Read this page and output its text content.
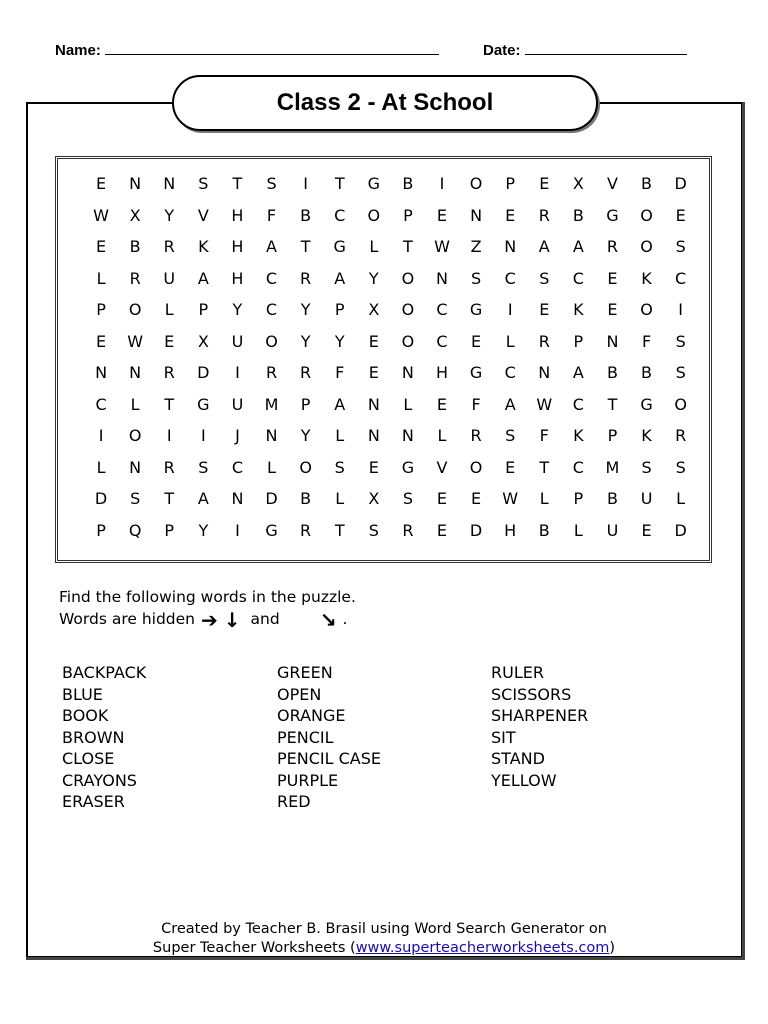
Name:	Date:
Class 2 - At School
E	N	N	S	T	S	I	T	G	B	I	O	P	E	X	V	B	D
W	X	Y	V	H	F	B	C	O	P	E	N	E	R	B	G	O	E
E	B	R	K	H	A	T	G	L	T	W	Z	N	A	A	R	O	S
L	R	U	A	H	C	R	A	Y	O	N	S	C	S	C	E	K	C
P	O	L	P	Y	C	Y	P	X	O	C	G	I	E	K	E	O	I
E	W	E	X	U	O	Y	Y	E	O	C	E	L	R	P	N	F	S
N	N	R	D	I	R	R	F	E	N	H	G	C	N	A	B	B	S
C	L	T	G	U	M	P	A	N	L	E	F	A	W	C	T	G	O
I	O	I	I	J	N	Y	L	N	N	L	R	S	F	K	P	K	R
L	N	R	S	C	L	O	S	E	G	V	O	E	T	C	M	S	S
D	S	T	A	N	D	B	L	X	S	E	E	W	L	P	B	U	L
P	Q	P	Y	I	G	R	T	S	R	E	D	H	B	L	U	E	D
Find the following words in the puzzle.
Words are hidden ➔ ↓ and ↘ .
BACKPACK
BLUE
BOOK
BROWN
CLOSE
CRAYONS
ERASER
GREEN
OPEN
ORANGE
PENCIL
PENCIL CASE
PURPLE
RED
RULER
SCISSORS
SHARPENER
SIT
STAND
YELLOW
Created by Teacher B. Brasil using Word Search Generator on
Super Teacher Worksheets (www.superteacherworksheets.com)
